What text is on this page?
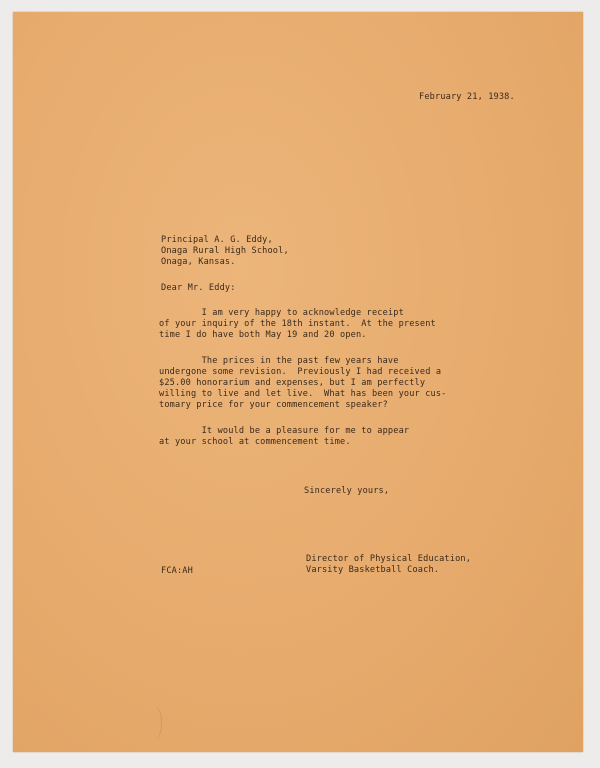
February 21, 1938.
Principal A. G. Eddy,
Onaga Rural High School,
Onaga, Kansas.
Dear Mr. Eddy:
I am very happy to acknowledge receipt
of your inquiry of the 18th instant.  At the present
time I do have both May 19 and 20 open.
The prices in the past few years have
undergone some revision.  Previously I had received a
$25.00 honorarium and expenses, but I am perfectly
willing to live and let live.  What has been your cus-
tomary price for your commencement speaker?
It would be a pleasure for me to appear
at your school at commencement time.
Sincerely yours,
FCA:AH
Director of Physical Education,
Varsity Basketball Coach.
